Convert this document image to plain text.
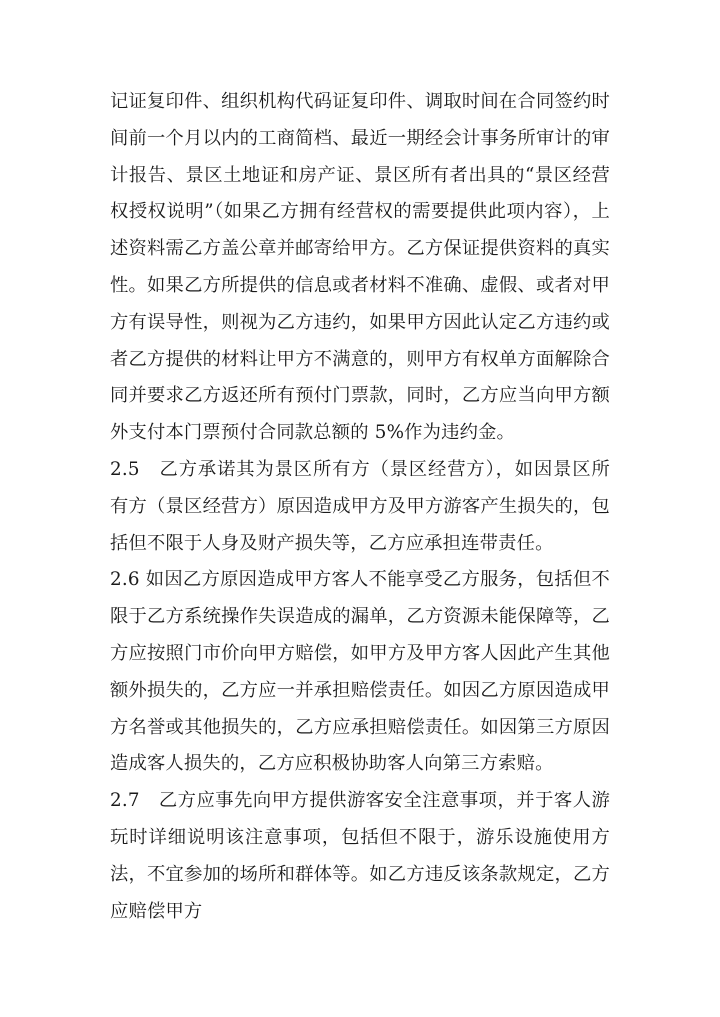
记证复印件、组织机构代码证复印件、调取时间在合同签约时间前一个月以内的工商简档、最近一期经会计事务所审计的审计报告、景区土地证和房产证、景区所有者出具的“景区经营权授权说明”（如果乙方拥有经营权的需要提供此项内容），上述资料需乙方盖公章并邮寄给甲方。乙方保证提供资料的真实性。如果乙方所提供的信息或者材料不准确、虚假、或者对甲方有误导性，则视为乙方违约，如果甲方因此认定乙方违约或者乙方提供的材料让甲方不满意的，则甲方有权单方面解除合同并要求乙方返还所有预付门票款，同时，乙方应当向甲方额外支付本门票预付合同款总额的 5%作为违约金。

2.5　乙方承诺其为景区所有方（景区经营方），如因景区所有方（景区经营方）原因造成甲方及甲方游客产生损失的，包括但不限于人身及财产损失等，乙方应承担连带责任。

2.6 如因乙方原因造成甲方客人不能享受乙方服务，包括但不限于乙方系统操作失误造成的漏单，乙方资源未能保障等，乙方应按照门市价向甲方赔偿，如甲方及甲方客人因此产生其他额外损失的，乙方应一并承担赔偿责任。如因乙方原因造成甲方名誉或其他损失的，乙方应承担赔偿责任。如因第三方原因造成客人损失的，乙方应积极协助客人向第三方索赔。

2.7　乙方应事先向甲方提供游客安全注意事项，并于客人游玩时详细说明该注意事项，包括但不限于，游乐设施使用方法，不宜参加的场所和群体等。如乙方违反该条款规定，乙方应赔偿甲方
